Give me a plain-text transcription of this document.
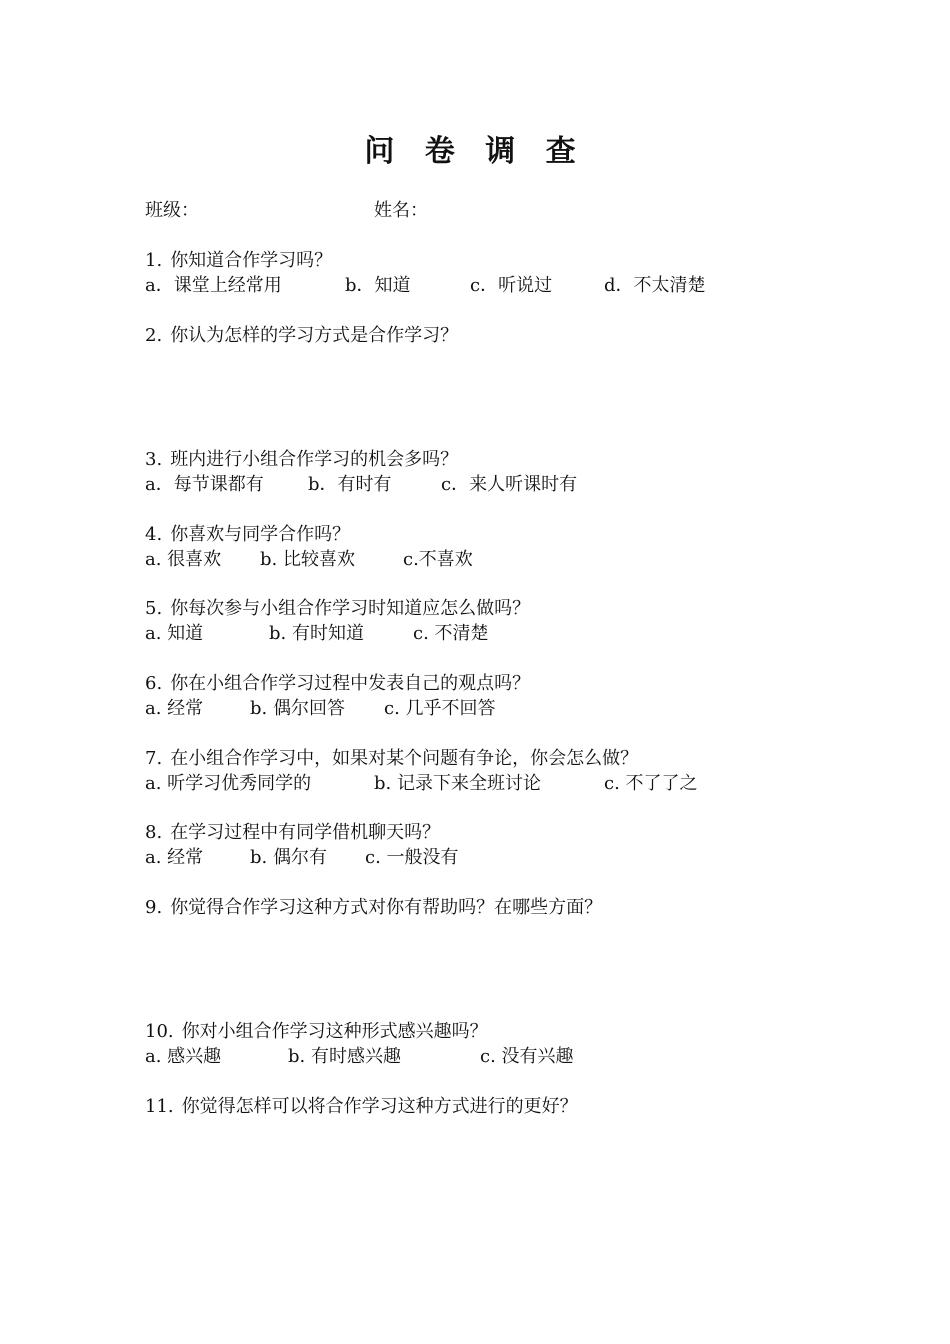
问 卷 调 查
班级：	姓名：
1. 你知道合作学习吗？
a．课堂上经常用	b．知道	c．听说过	d．不太清楚
2. 你认为怎样的学习方式是合作学习？
3. 班内进行小组合作学习的机会多吗？
a．每节课都有 b．有时有	c．来人听课时有
4. 你喜欢与同学合作吗？
a. 很喜欢 b. 比较喜欢	c.不喜欢
5. 你每次参与小组合作学习时知道应怎么做吗？
a. 知道	b. 有时知道	c. 不清楚
6. 你在小组合作学习过程中发表自己的观点吗？
a. 经常	b. 偶尔回答 c. 几乎不回答
7. 在小组合作学习中，如果对某个问题有争论，你会怎么做？
a. 听学习优秀同学的	b. 记录下来全班讨论	c. 不了了之
8. 在学习过程中有同学借机聊天吗？
a. 经常	b. 偶尔有 c. 一般没有
9. 你觉得合作学习这种方式对你有帮助吗？在哪些方面？
10. 你对小组合作学习这种形式感兴趣吗？
a. 感兴趣	b. 有时感兴趣	c. 没有兴趣
11. 你觉得怎样可以将合作学习这种方式进行的更好？
